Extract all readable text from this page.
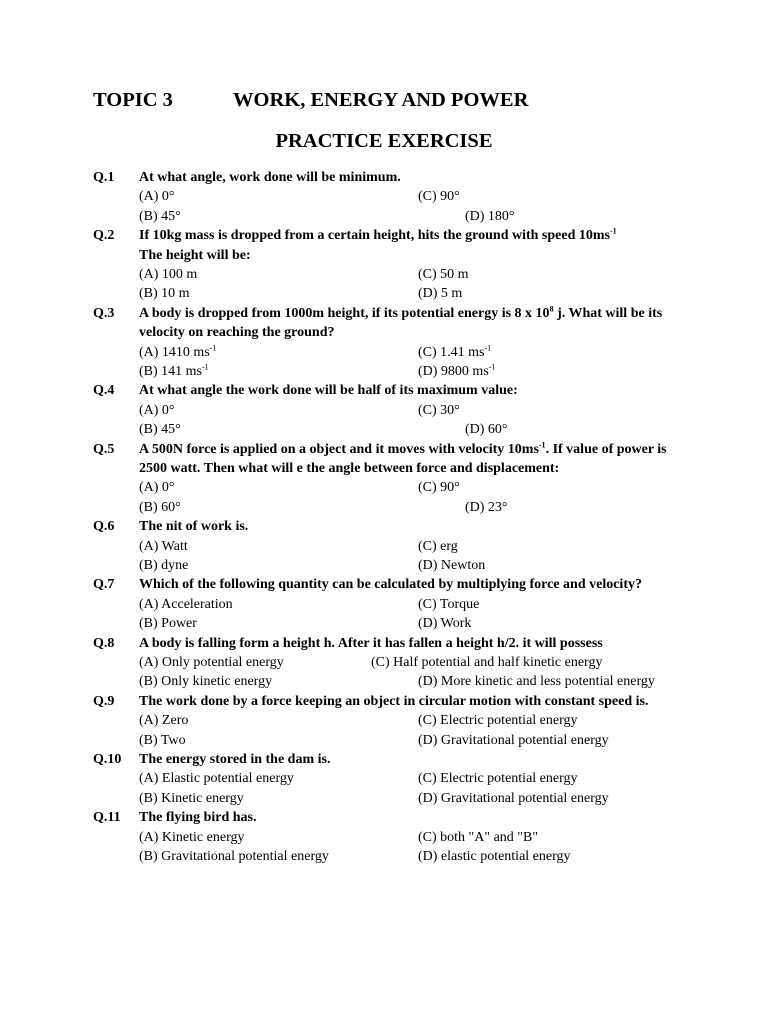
TOPIC 3	WORK, ENERGY AND POWER
PRACTICE EXERCISE
Q.1 At what angle, work done will be minimum.
(A) 0°	(C) 90°
(B) 45°	(D) 180°
Q.2 If 10kg mass is dropped from a certain height, hits the ground with speed $10ms^{-1}$
The height will be:
(A) 100 m	(C) 50 m
(B) 10 m	(D) 5 m
Q.3 A body is dropped from 1000m height, if its potential energy is 8 x $10^8$ j. What will be its velocity on reaching the ground?
(A) 1410 $ms^{-1}$	(C) 1.41 $ms^{-1}$
(B) 141 $ms^{-1}$	(D) 9800 $ms^{-1}$
Q.4 At what angle the work done will be half of its maximum value:
(A) 0°	(C) 30°
(B) 45°	(D) 60°
Q.5 A 500N force is applied on a object and it moves with velocity $10ms^{-1}$. If value of power is 2500 watt. Then what will e the angle between force and displacement:
(A) 0°	(C) 90°
(B) 60°	(D) 23°
Q.6 The nit of work is.
(A) Watt	(C) erg
(B) dyne	(D) Newton
Q.7 Which of the following quantity can be calculated by multiplying force and velocity?
(A) Acceleration	(C) Torque
(B) Power	(D) Work
Q.8 A body is falling form a height h. After it has fallen a height h/2. it will possess
(A) Only potential energy	(C) Half potential and half kinetic energy
(B) Only kinetic energy	(D) More kinetic and less potential energy
Q.9 The work done by a force keeping an object in circular motion with constant speed is.
(A) Zero	(C) Electric potential energy
(B) Two	(D) Gravitational potential energy
Q.10 The energy stored in the dam is.
(A) Elastic potential energy	(C) Electric potential energy
(B) Kinetic energy	(D) Gravitational potential energy
Q.11 The flying bird has.
(A) Kinetic energy	(C) both "A" and "B"
(B) Gravitational potential energy	(D) elastic potential energy
